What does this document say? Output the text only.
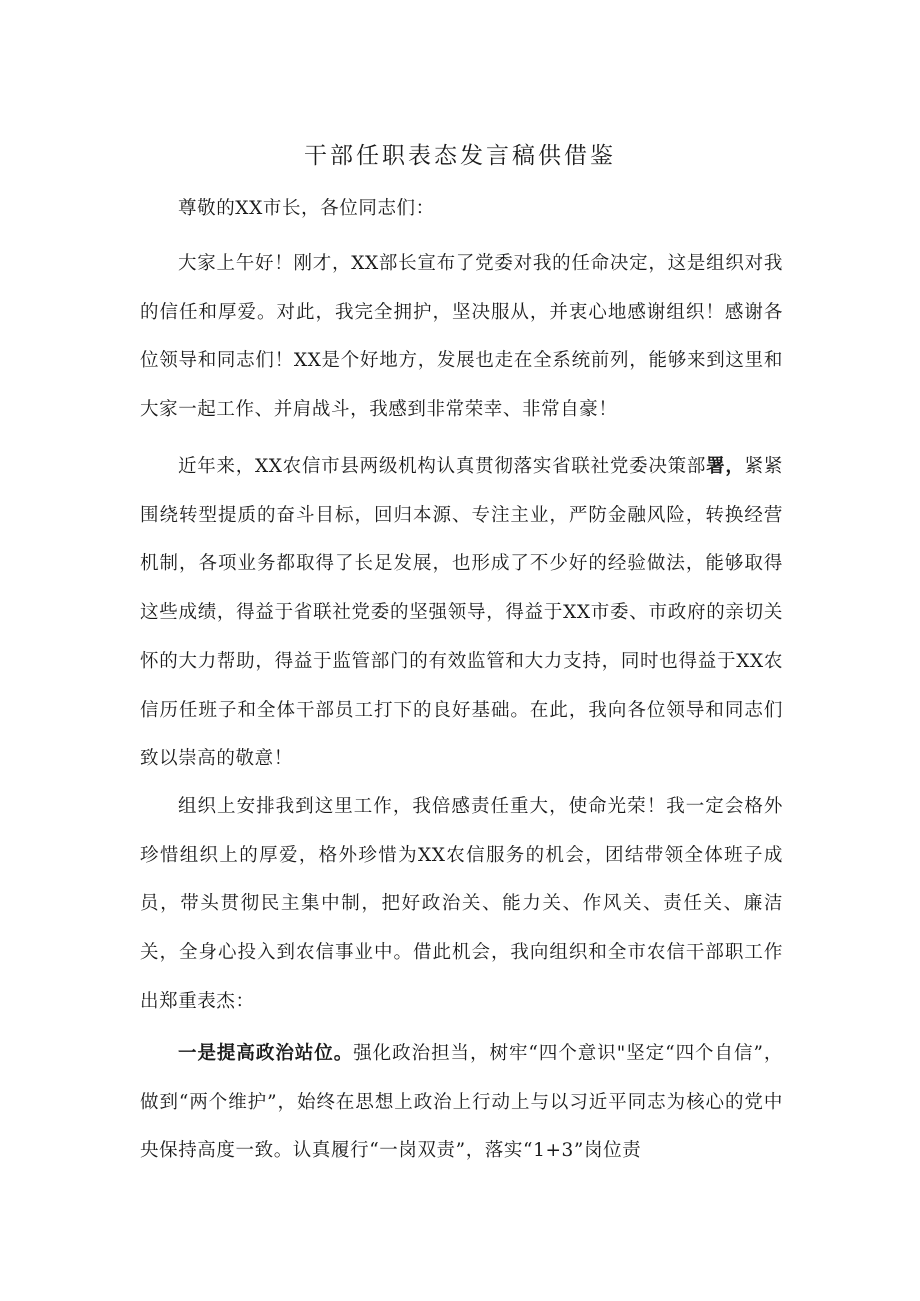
干部任职表态发言稿供借鉴
尊敬的XX市长，各位同志们：
大家上午好！刚才，XX部长宣布了党委对我的任命决定，这是组织对我的信任和厚爱。对此，我完全拥护，坚决服从，并衷心地感谢组织！感谢各位领导和同志们！XX是个好地方，发展也走在全系统前列，能够来到这里和大家一起工作、并肩战斗，我感到非常荣幸、非常自豪！
近年来，XX农信市县两级机构认真贯彻落实省联社党委决策部署，紧紧围绕转型提质的奋斗目标，回归本源、专注主业，严防金融风险，转换经营机制，各项业务都取得了长足发展，也形成了不少好的经验做法，能够取得这些成绩，得益于省联社党委的坚强领导，得益于XX市委、市政府的亲切关怀的大力帮助，得益于监管部门的有效监管和大力支持，同时也得益于XX农信历任班子和全体干部员工打下的良好基础。在此，我向各位领导和同志们致以崇高的敬意！
组织上安排我到这里工作，我倍感责任重大，使命光荣！我一定会格外珍惜组织上的厚爱，格外珍惜为XX农信服务的机会，团结带领全体班子成员，带头贯彻民主集中制，把好政治关、能力关、作风关、责任关、廉洁关，全身心投入到农信事业中。借此机会，我向组织和全市农信干部职工作出郑重表杰：
一是提高政治站位。强化政治担当，树牢“四个意识"坚定“四个自信”，做到“两个维护”，始终在思想上政治上行动上与以习近平同志为核心的党中央保持高度一致。认真履行“一岗双责”，落实“1+3”岗位责
